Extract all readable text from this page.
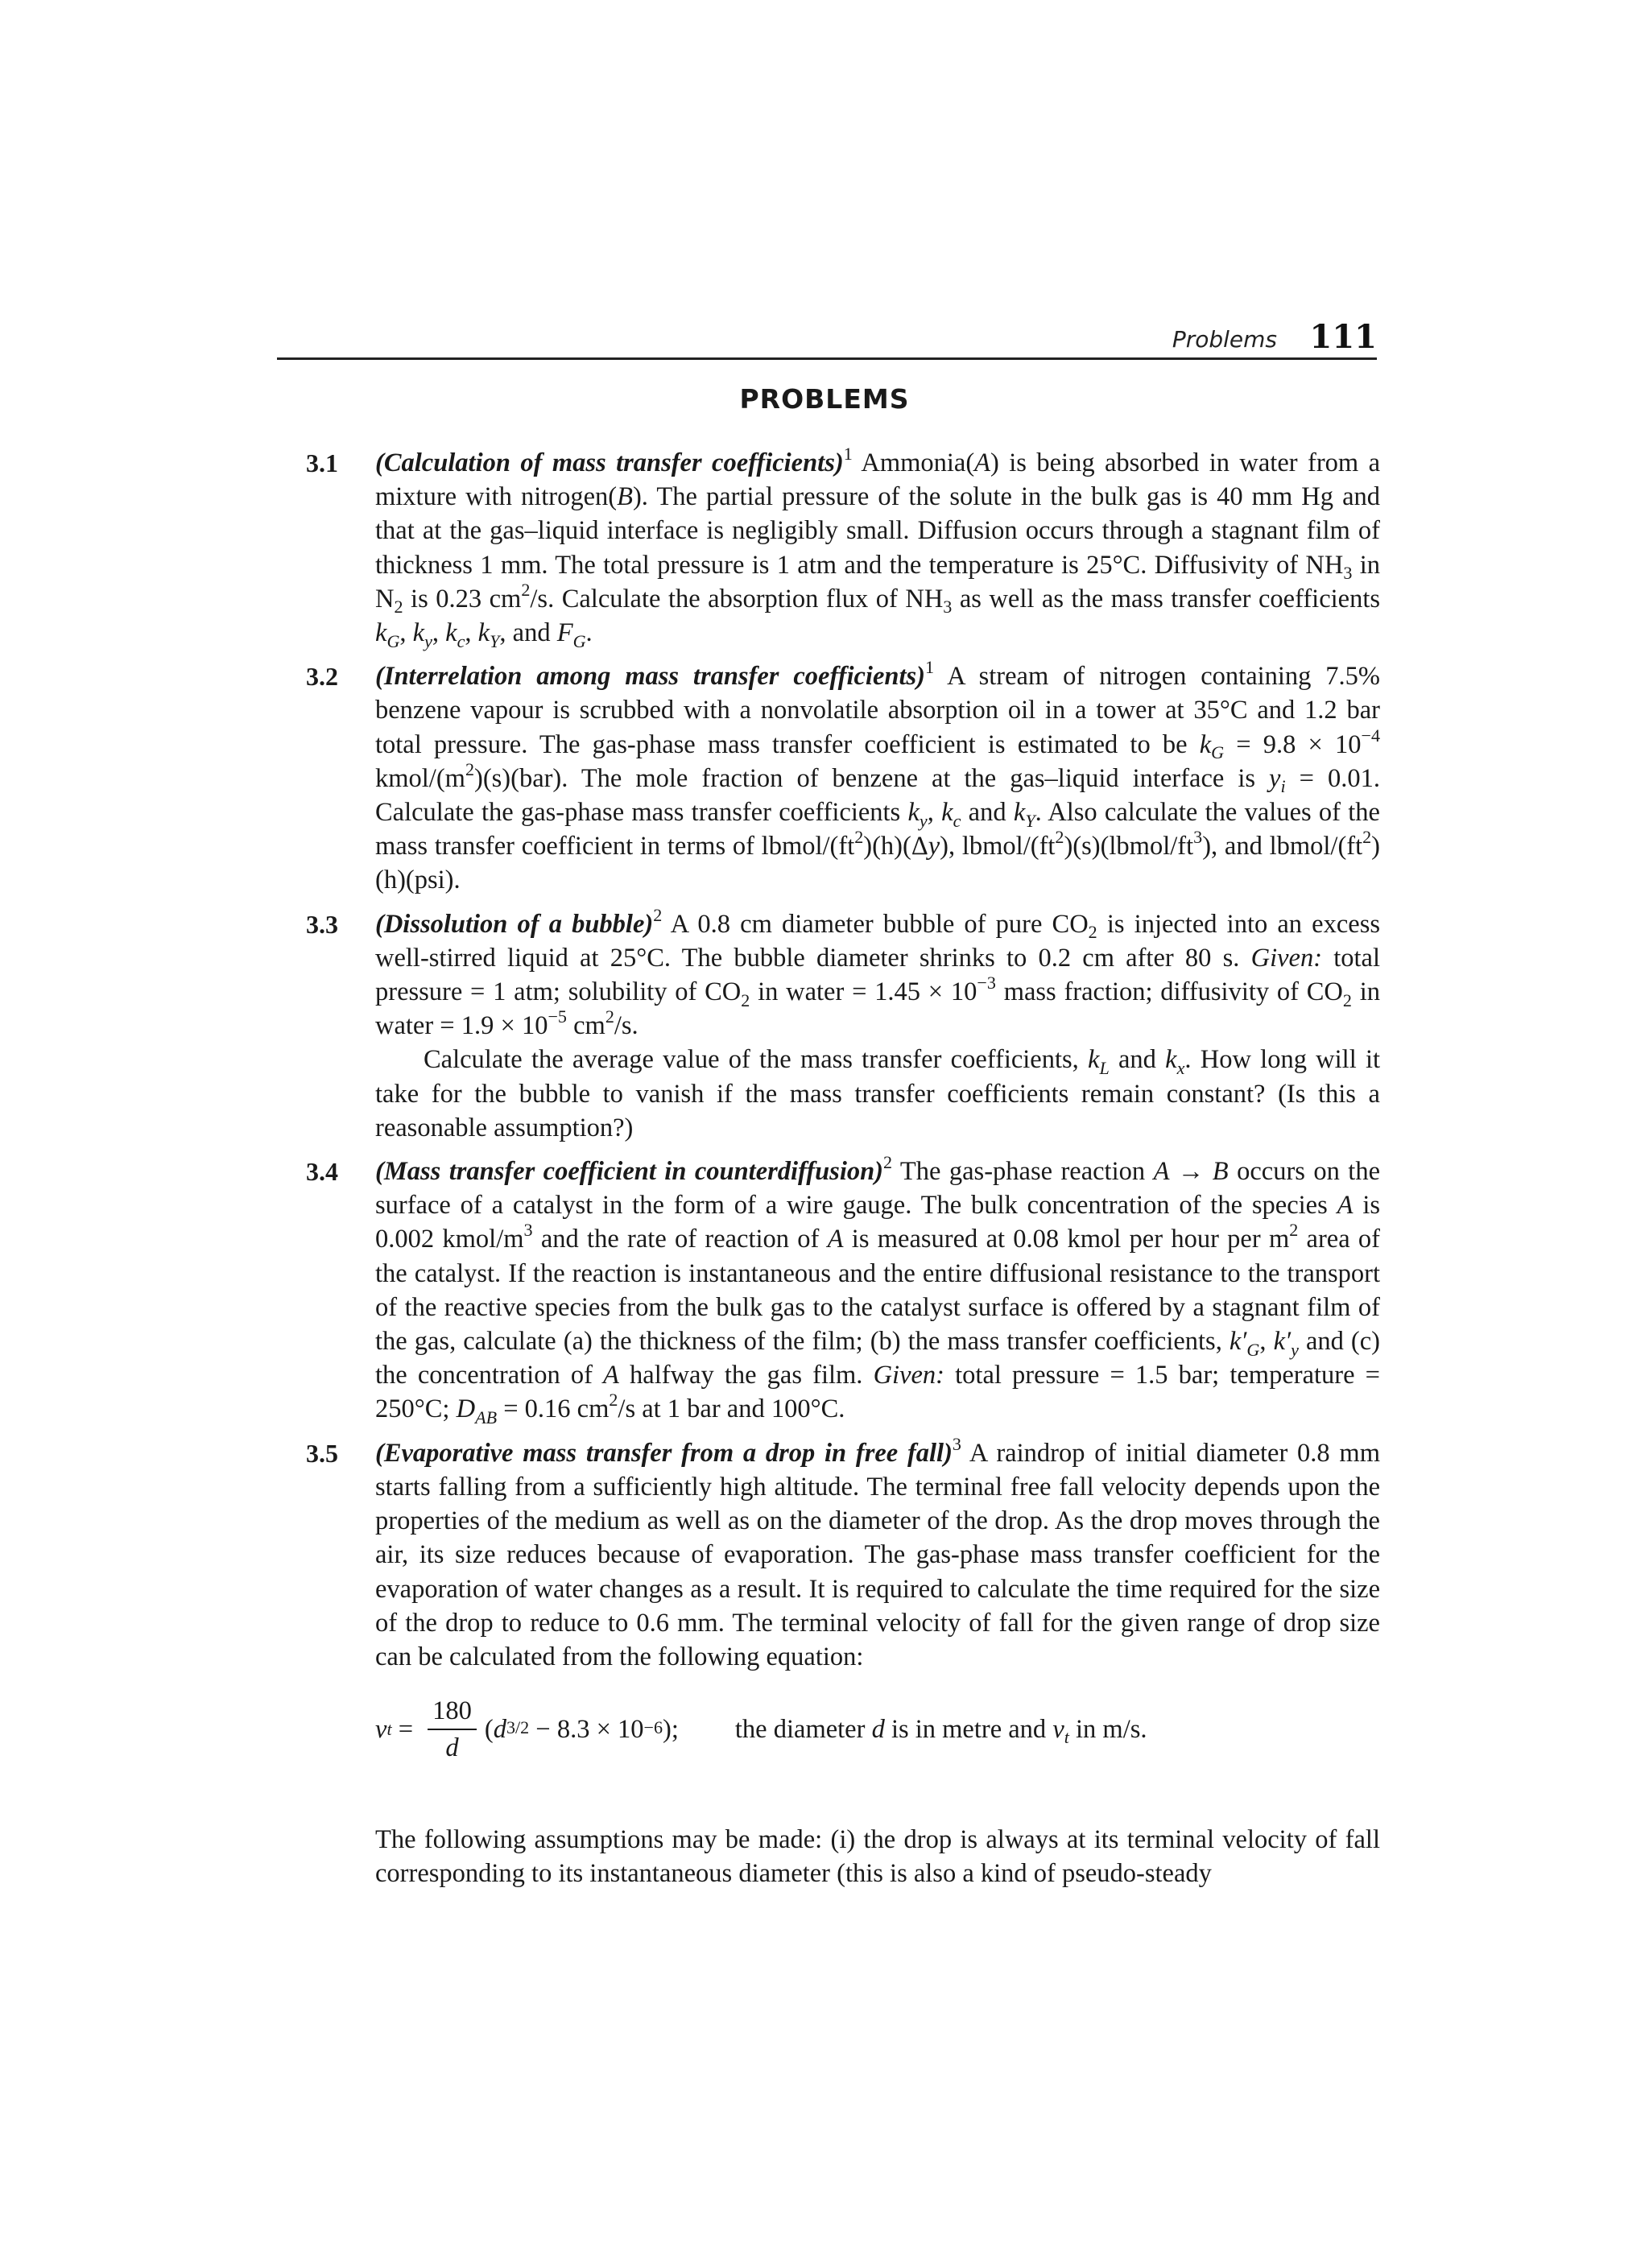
Problems 111
PROBLEMS
3.1 (Calculation of mass transfer coefficients)$^1$ Ammonia(A) is being absorbed in water from a mixture with nitrogen(B). The partial pressure of the solute in the bulk gas is 40 mm Hg and that at the gas–liquid interface is negligibly small. Diffusion occurs through a stagnant film of thickness 1 mm. The total pressure is 1 atm and the temperature is 25°C. Diffusivity of $NH_3$ in $N_2$ is 0.23 $cm^2/s$. Calculate the absorption flux of $NH_3$ as well as the mass transfer coefficients $k_G$, $k_y$, $k_c$, $k_Y$, and $F_G$.

3.2 (Interrelation among mass transfer coefficients)$^1$ A stream of nitrogen containing 7.5% benzene vapour is scrubbed with a nonvolatile absorption oil in a tower at 35°C and 1.2 bar total pressure. The gas-phase mass transfer coefficient is estimated to be $k_G = 9.8 \times 10^{-4}$ kmol/$(m^2)(s)(bar)$. The mole fraction of benzene at the gas–liquid interface is $y_i = 0.01$. Calculate the gas-phase mass transfer coefficients $k_y$, $k_c$ and $k_Y$. Also calculate the values of the mass transfer coefficient in terms of lbmol/$(ft^2)(h)(\Delta y)$, lbmol/$(ft^2)(s)(lbmol/ft^3)$, and lbmol/$(ft^2)(h)(psi)$.

3.3 (Dissolution of a bubble)$^2$ A 0.8 cm diameter bubble of pure $CO_2$ is injected into an excess well-stirred liquid at 25°C. The bubble diameter shrinks to 0.2 cm after 80 s. Given: total pressure = 1 atm; solubility of $CO_2$ in water = $1.45 \times 10^{-3}$ mass fraction; diffusivity of $CO_2$ in water = $1.9 \times 10^{-5}$ $cm^2/s$.

Calculate the average value of the mass transfer coefficients, $k_L$ and $k_x$. How long will it take for the bubble to vanish if the mass transfer coefficients remain constant? (Is this a reasonable assumption?)

3.4 (Mass transfer coefficient in counterdiffusion)$^2$ The gas-phase reaction A → B occurs on the surface of a catalyst in the form of a wire gauge. The bulk concentration of the species A is 0.002 kmol/$m^3$ and the rate of reaction of A is measured at 0.08 kmol per hour per $m^2$ area of the catalyst. If the reaction is instantaneous and the entire diffusional resistance to the transport of the reactive species from the bulk gas to the catalyst surface is offered by a stagnant film of the gas, calculate (a) the thickness of the film; (b) the mass transfer coefficients, $k'_G$, $k'_y$ and (c) the concentration of A halfway the gas film. Given: total pressure = 1.5 bar; temperature = 250°C; $D_{AB} = 0.16$ $cm^2/s$ at 1 bar and 100°C.

3.5 (Evaporative mass transfer from a drop in free fall)$^3$ A raindrop of initial diameter 0.8 mm starts falling from a sufficiently high altitude. The terminal free fall velocity depends upon the properties of the medium as well as on the diameter of the drop. As the drop moves through the air, its size reduces because of evaporation. The gas-phase mass transfer coefficient for the evaporation of water changes as a result. It is required to calculate the time required for the size of the drop to reduce to 0.6 mm. The terminal velocity of fall for the given range of drop size can be calculated from the following equation:

v $t = \frac{180}{d}$ ( $d^{3/2} - 8.3 \times 10^{-6}$ ); the diameter d is in metre and $v_t$ in m/s.

The following assumptions may be made: (i) the drop is always at its terminal velocity of fall corresponding to its instantaneous diameter (this is also a kind of pseudo-steady
